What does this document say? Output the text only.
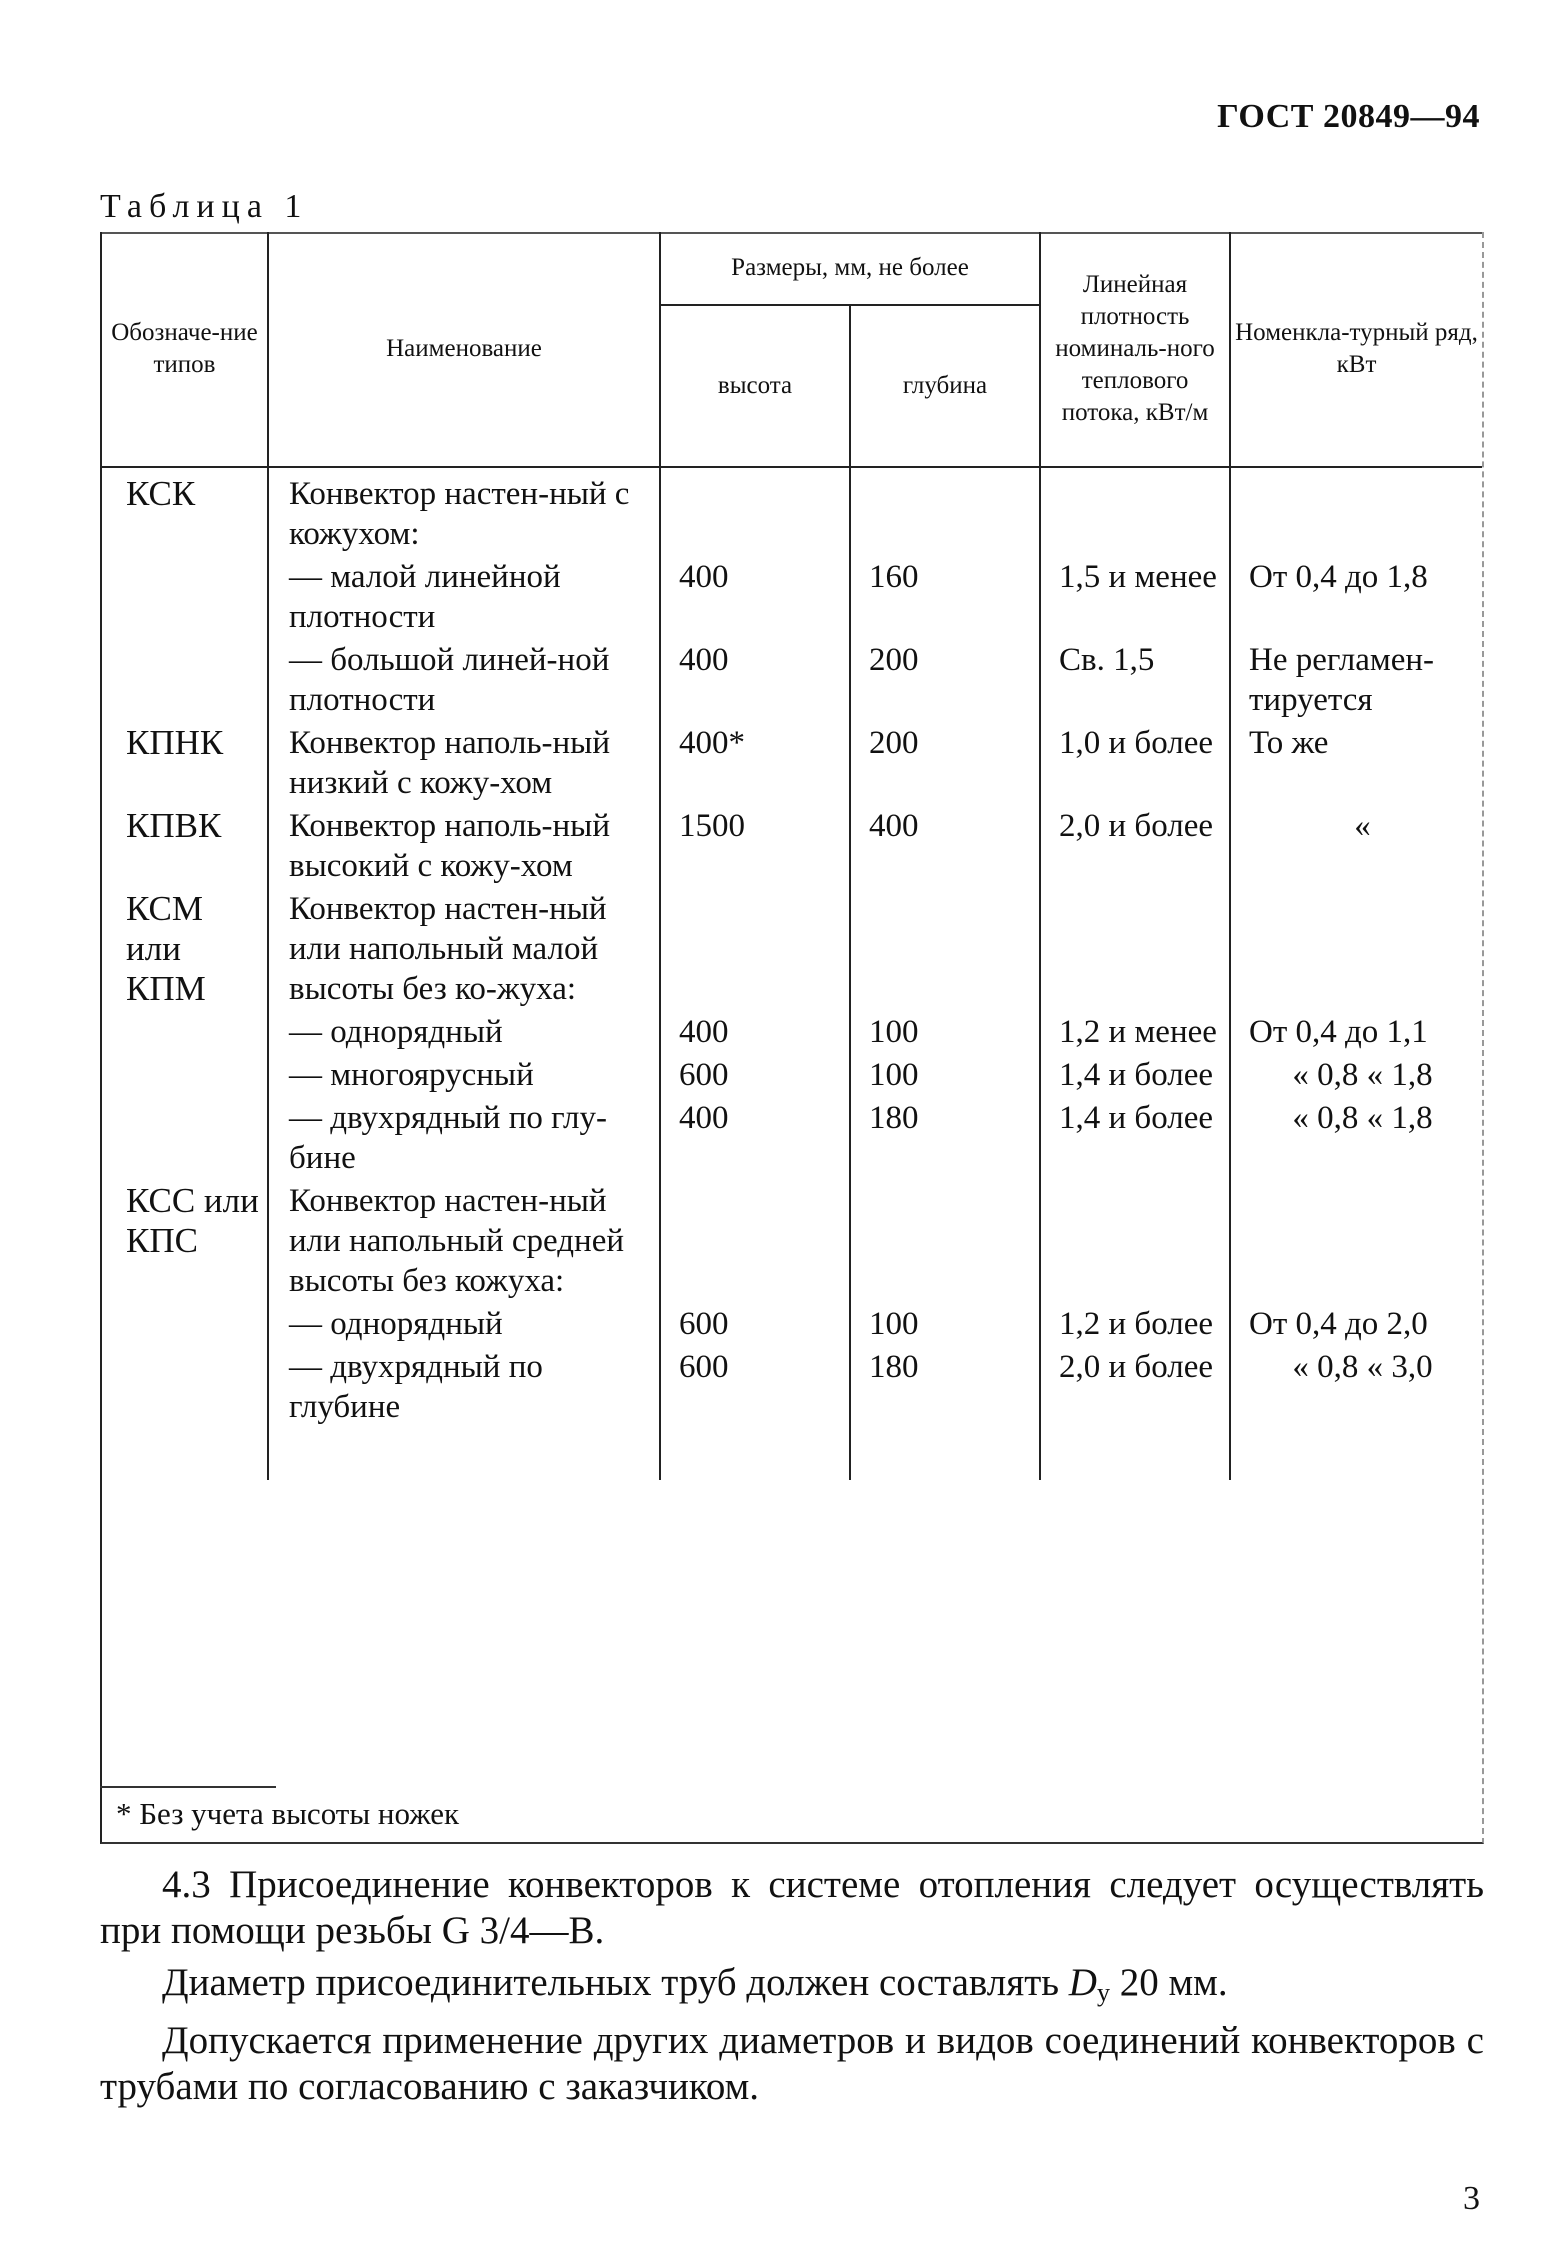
ГОСТ 20849—94
Таблица 1
Обозначе-ние типов	Наименование	Размеры, мм, не более		Линейная плотность номиналь-ного теплового потока, кВт/м	Номенкла-турный ряд, кВт
		высота	глубина		
КСК	Конвектор настен-ный с кожухом:				
	— малой линейной плотности	400	160	1,5 и менее	От 0,4 до 1,8
	— большой линей-ной плотности	400	200	Св. 1,5	Не регламен-тируется
КПНК	Конвектор наполь-ный низкий с кожу-хом	400*	200	1,0 и более	То же
КПВК	Конвектор наполь-ный высокий с кожу-хом	1500	400	2,0 и более	«
КСМ или КПМ	Конвектор настен-ный или напольный малой высоты без ко-жуха:				
	— однорядный	400	100	1,2 и менее	От 0,4 до 1,1
	— многоярусный	600	100	1,4 и более	« 0,8 « 1,8
	— двухрядный по глу-бине	400	180	1,4 и более	« 0,8 « 1,8
КСС или КПС	Конвектор настен-ный или напольный средней высоты без кожуха:				
	— однорядный	600	100	1,2 и более	От 0,4 до 2,0
	— двухрядный по глубине	600	180	2,0 и более	« 0,8 « 3,0
* Без учета высоты ножек
4.3 Присоединение конвекторов к системе отопления следует осуществлять при помощи резьбы G 3/4—В.
Диаметр присоединительных труб должен составлять Dy 20 мм.
Допускается применение других диаметров и видов соединений конвекторов с трубами по согласованию с заказчиком.
3
